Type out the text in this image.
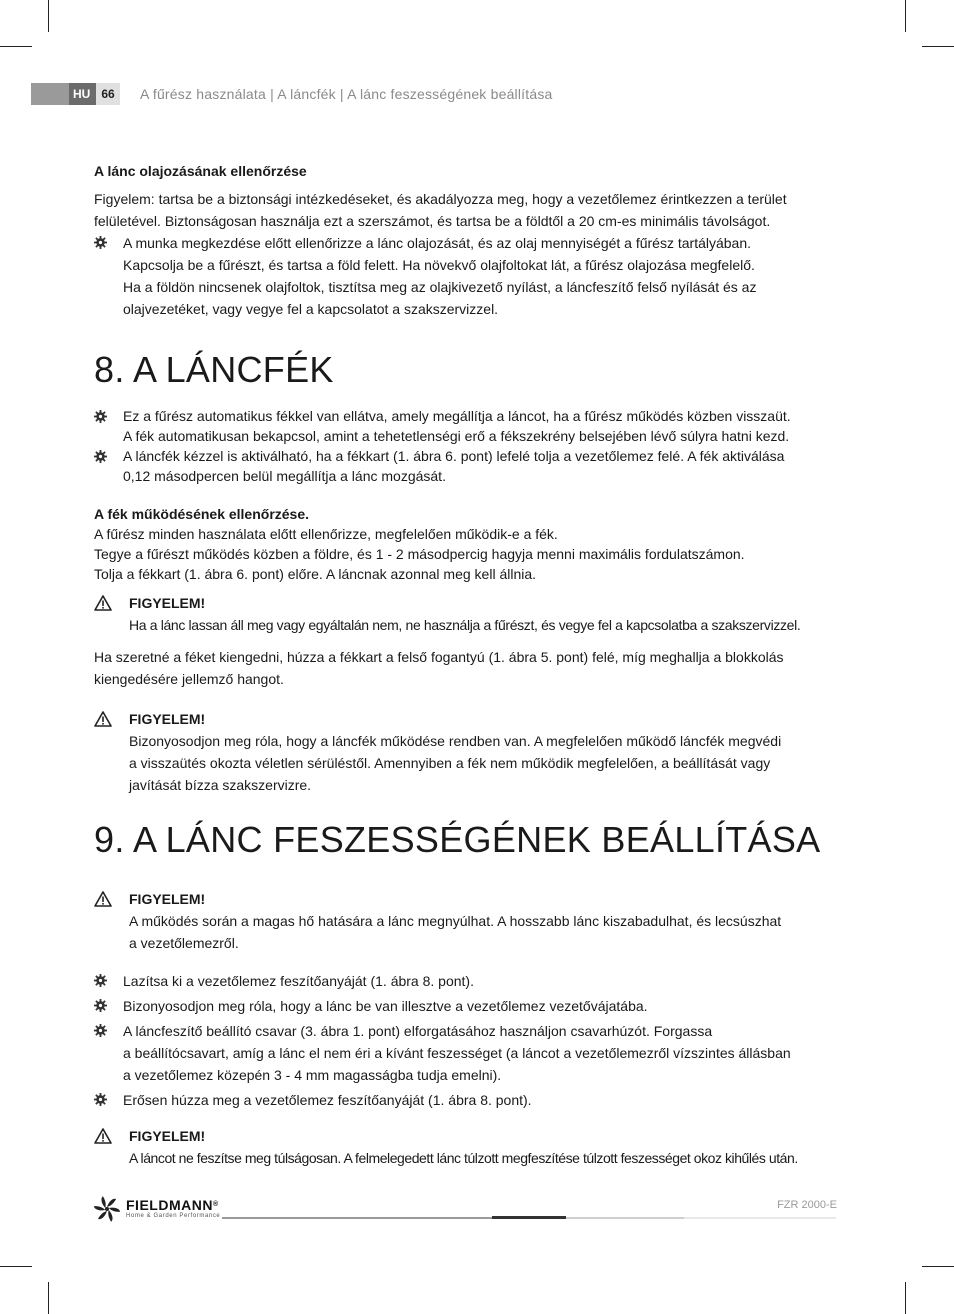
HU 66	A fűrész használata | A láncfék | A lánc feszességének beállítása

A lánc olajozásának ellenőrzése

Figyelem: tartsa be a biztonsági intézkedéseket, és akadályozza meg, hogy a vezetőlemez érintkezzen a terület

felületével. Biztonságosan használja ezt a szerszámot, és tartsa be a földtől a 20 cm-es minimális távolságot.

A munka megkezdése előtt ellenőrizze a lánc olajozását, és az olaj mennyiségét a fűrész tartályában.
Kapcsolja be a fűrészt, és tartsa a föld felett. Ha növekvő olajfoltokat lát, a fűrész olajozása megfelelő.
Ha a földön nincsenek olajfoltok, tisztítsa meg az olajkivezető nyílást, a láncfeszítő felső nyílását és az
olajvezetéket, vagy vegye fel a kapcsolatot a szakszervizzel.
8. A LÁNCFÉK
Ez a fűrész automatikus fékkel van ellátva, amely megállítja a láncot, ha a fűrész működés közben visszaüt.
A fék automatikusan bekapcsol, amint a tehetetlenségi erő a fékszekrény belsejében lévő súlyra hatni kezd.
A láncfék kézzel is aktiválható, ha a fékkart (1. ábra 6. pont) lefelé tolja a vezetőlemez felé. A fék aktiválása
0,12 másodpercen belül megállítja a lánc mozgását.

A fék működésének ellenőrzése.

A fűrész minden használata előtt ellenőrizze, megfelelően működik-e a fék.

Tegye a fűrészt működés közben a földre, és 1 - 2 másodpercig hagyja menni maximális fordulatszámon.

Tolja a fékkart (1. ábra 6. pont) előre. A láncnak azonnal meg kell állnia.

FIGYELEM!
Ha a lánc lassan áll meg vagy egyáltalán nem, ne használja a fűrészt, és vegye fel a kapcsolatba a szakszervizzel.

Ha szeretné a féket kiengedni, húzza a fékkart a felső fogantyú (1. ábra 5. pont) felé, míg meghallja a blokkolás

kiengedésére jellemző hangot.

FIGYELEM!
Bizonyosodjon meg róla, hogy a láncfék működése rendben van. A megfelelően működő láncfék megvédi
a visszaütés okozta véletlen sérüléstől. Amennyiben a fék nem működik megfelelően, a beállítását vagy
javítását bízza szakszervizre.
9. A LÁNC FESZESSÉGÉNEK BEÁLLÍTÁSA
FIGYELEM!
A működés során a magas hő hatására a lánc megnyúlhat. A hosszabb lánc kiszabadulhat, és lecsúszhat
a vezetőlemezről.
Lazítsa ki a vezetőlemez feszítőanyáját (1. ábra 8. pont).
Bizonyosodjon meg róla, hogy a lánc be van illesztve a vezetőlemez vezetővájatába.
A láncfeszítő beállító csavar (3. ábra 1. pont) elforgatásához használjon csavarhúzót. Forgassa
a beállítócsavart, amíg a lánc el nem éri a kívánt feszességet (a láncot a vezetőlemezről vízszintes állásban
a vezetőlemez közepén 3 - 4 mm magasságba tudja emelni).
Erősen húzza meg a vezetőlemez feszítőanyáját (1. ábra 8. pont).
FIGYELEM!
A láncot ne feszítse meg túlságosan. A felmelegedett lánc túlzott megfeszítése túlzott feszességet okoz kihűlés után.
FIELDMANN®
Home & Garden Performance
FZR 2000-E
